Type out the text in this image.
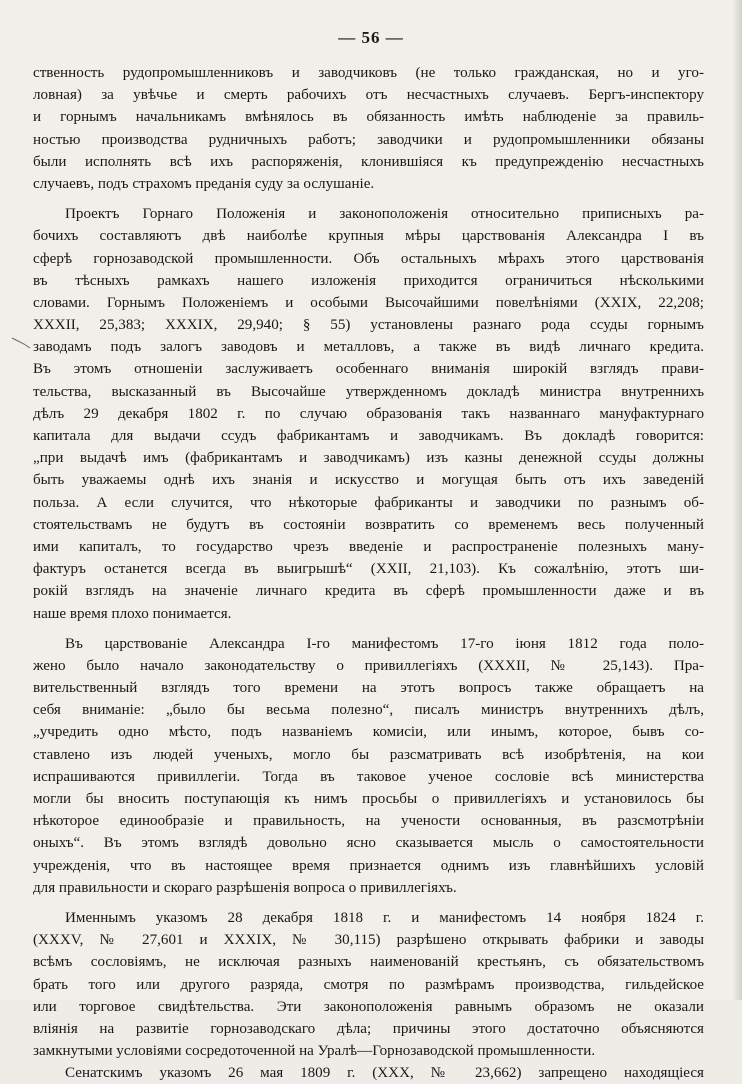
— 56 —
ственность рудопромышленниковъ и заводчиковъ (не только гражданская, но и уго-
ловная) за увѣчье и смерть рабочихъ отъ несчастныхъ случаевъ. Бергъ-инспектору
и горнымъ начальникамъ вмѣнялось въ обязанность имѣть наблюденіе за правиль-
ностью производства рудничныхъ работъ; заводчики и рудопромышленники обязаны
были исполнять всѣ ихъ распоряженія, клонившіяся къ предупрежденію несчастныхъ
случаевъ, подъ страхомъ преданія суду за ослушаніе.
Проектъ Горнаго Положенія и законоположенія относительно приписныхъ ра-
бочихъ составляютъ двѣ наиболѣе крупныя мѣры царствованія Александра I въ
сферѣ горнозаводской промышленности. Объ остальныхъ мѣрахъ этого царствованія
въ тѣсныхъ рамкахъ нашего изложенія приходится ограничиться нѣсколькими
словами. Горнымъ Положеніемъ и особыми Высочайшими повелѣніями (XXIX, 22,208;
XXXII, 25,383; XXXIX, 29,940; § 55) установлены разнаго рода ссуды горнымъ
заводамъ подъ залогъ заводовъ и металловъ, а также въ видѣ личнаго кредита.
Въ этомъ отношеніи заслуживаетъ особеннаго вниманія широкій взглядъ прави-
тельства, высказанный въ Высочайше утвержденномъ докладѣ министра внутреннихъ
дѣлъ 29 декабря 1802 г. по случаю образованія такъ названнаго мануфактурнаго
капитала для выдачи ссудъ фабрикантамъ и заводчикамъ. Въ докладѣ говорится:
„при выдачѣ имъ (фабрикантамъ и заводчикамъ) изъ казны денежной ссуды должны
быть уважаемы однѣ ихъ знанія и искусство и могущая быть отъ ихъ заведеній
польза. А если случится, что нѣкоторые фабриканты и заводчики по разнымъ об-
стоятельствамъ не будутъ въ состояніи возвратить со временемъ весь полученный
ими капиталъ, то государство чрезъ введеніе и распространеніе полезныхъ ману-
фактуръ останется всегда въ выигрышѣ“ (XXII, 21,103). Къ сожалѣнію, этотъ ши-
рокій взглядъ на значеніе личнаго кредита въ сферѣ промышленности даже и въ
наше время плохо понимается.
Въ царствованіе Александра I-го манифестомъ 17-го іюня 1812 года поло-
жено было начало законодательству о привиллегіяхъ (XXXII, № 25,143). Пра-
вительственный взглядъ того времени на этотъ вопросъ также обращаетъ на
себя вниманіе: „было бы весьма полезно“, писалъ министръ внутреннихъ дѣлъ,
„учредить одно мѣсто, подъ названіемъ комисіи, или инымъ, которое, бывъ со-
ставлено изъ людей ученыхъ, могло бы разсматривать всѣ изобрѣтенія, на кои
испрашиваются привиллегіи. Тогда въ таковое ученое сословіе всѣ министерства
могли бы вносить поступающія къ нимъ просьбы о привиллегіяхъ и установилось бы
нѣкоторое единообразіе и правильность, на учености основанныя, въ разсмотрѣніи
оныхъ“. Въ этомъ взглядѣ довольно ясно сказывается мысль о самостоятельности
учрежденія, что въ настоящее время признается однимъ изъ главнѣйшихъ условій
для правильности и скораго разрѣшенія вопроса о привиллегіяхъ.
Именнымъ указомъ 28 декабря 1818 г. и манифестомъ 14 ноября 1824 г.
(XXXV, № 27,601 и XXXIX, № 30,115) разрѣшено открывать фабрики и заводы
всѣмъ сословіямъ, не исключая разныхъ наименованій крестьянъ, съ обязательствомъ
брать того или другого разряда, смотря по размѣрамъ производства, гильдейское
или торговое свидѣтельства. Эти законоположенія равнымъ образомъ не оказали
вліянія на развитіе горнозаводскаго дѣла; причины этого достаточно объясняются
замкнутыми условіями сосредоточенной на Уралѣ—Горнозаводской промышленности.
Сенатскимъ указомъ 26 мая 1809 г. (XXX, № 23,662) запрещено находящіеся
